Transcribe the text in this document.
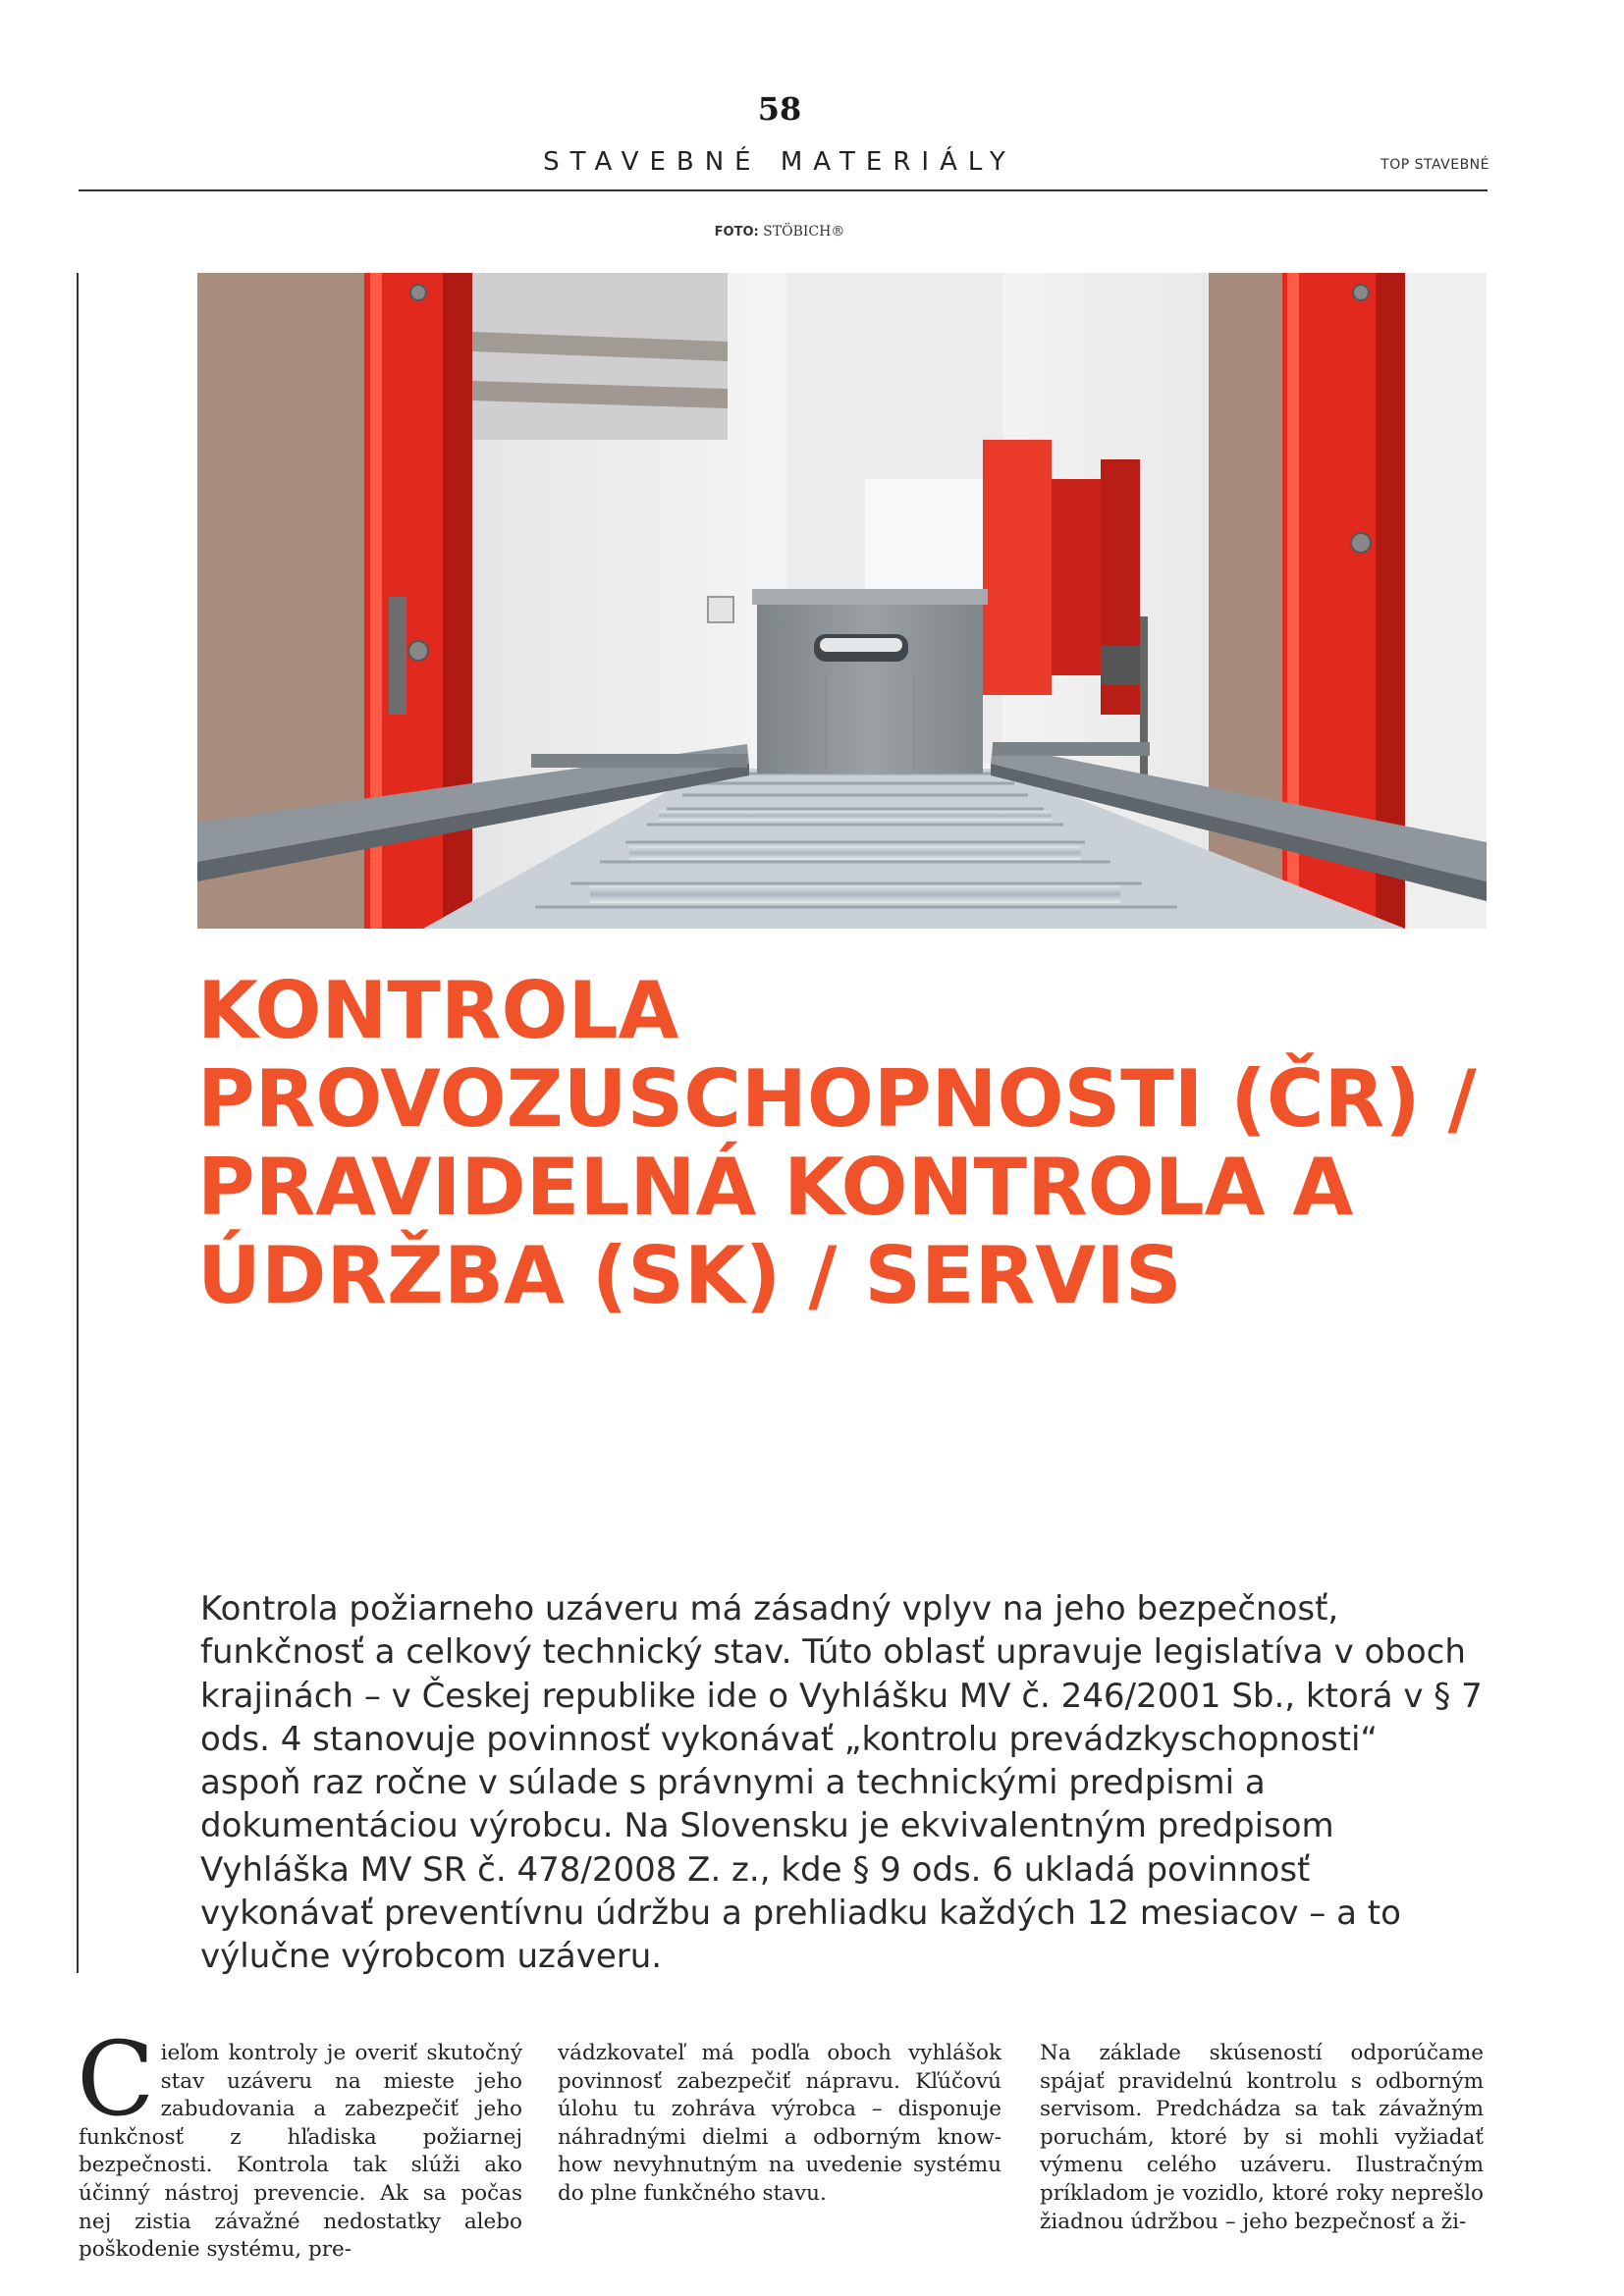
58
STAVEBNÉ MATERIÁLY	TOP STAVEBNÉ
FOTO: STÖBICH®
KONTROLA PROVOZUSCHOPNOSTI (ČR) / PRAVIDELNÁ KONTROLA A ÚDRŽBA (SK) / SERVIS

Kontrola požiarneho uzáveru má zásadný vplyv na jeho bezpečnosť, funkčnosť a celkový technický stav. Túto oblasť upravuje legislatíva v oboch krajinách – v Českej republike ide o Vyhlášku MV č. 246/2001 Sb., ktorá v § 7 ods. 4 stanovuje povinnosť vykonávať „kontrolu prevádzkyschopnosti“ aspoň raz ročne v súlade s právnymi a technickými predpismi a dokumentáciou výrobcu. Na Slovensku je ekvivalentným predpisom Vyhláška MV SR č. 478/2008 Z. z., kde § 9 ods. 6 ukladá povinnosť vykonávať preventívnu údržbu a prehliadku každých 12 mesiacov – a to výlučne výrobcom uzáveru.

Cieľom kontroly je overiť skutočný stav uzáveru na mieste jeho zabudovania a zabezpečiť jeho funkčnosť z hľadiska požiarnej bezpečnosti. Kontrola tak slúži ako účinný nástroj prevencie. Ak sa počas nej zistia závažné nedostatky alebo poškodenie systému, pre-

vádzkovateľ má podľa oboch vyhlášok povinnosť zabezpečiť nápravu. Kľúčovú úlohu tu zohráva výrobca – disponuje náhradnými dielmi a odborným know-how nevyhnutným na uvedenie systému do plne funkčného stavu.

Na základe skúseností odporúčame spájať pravidelnú kontrolu s odborným servisom. Predchádza sa tak závažným poruchám, ktoré by si mohli vyžiadať výmenu celého uzáveru. Ilustračným príkladom je vozidlo, ktoré roky neprešlo žiadnou údržbou – jeho bezpečnosť a ži-
